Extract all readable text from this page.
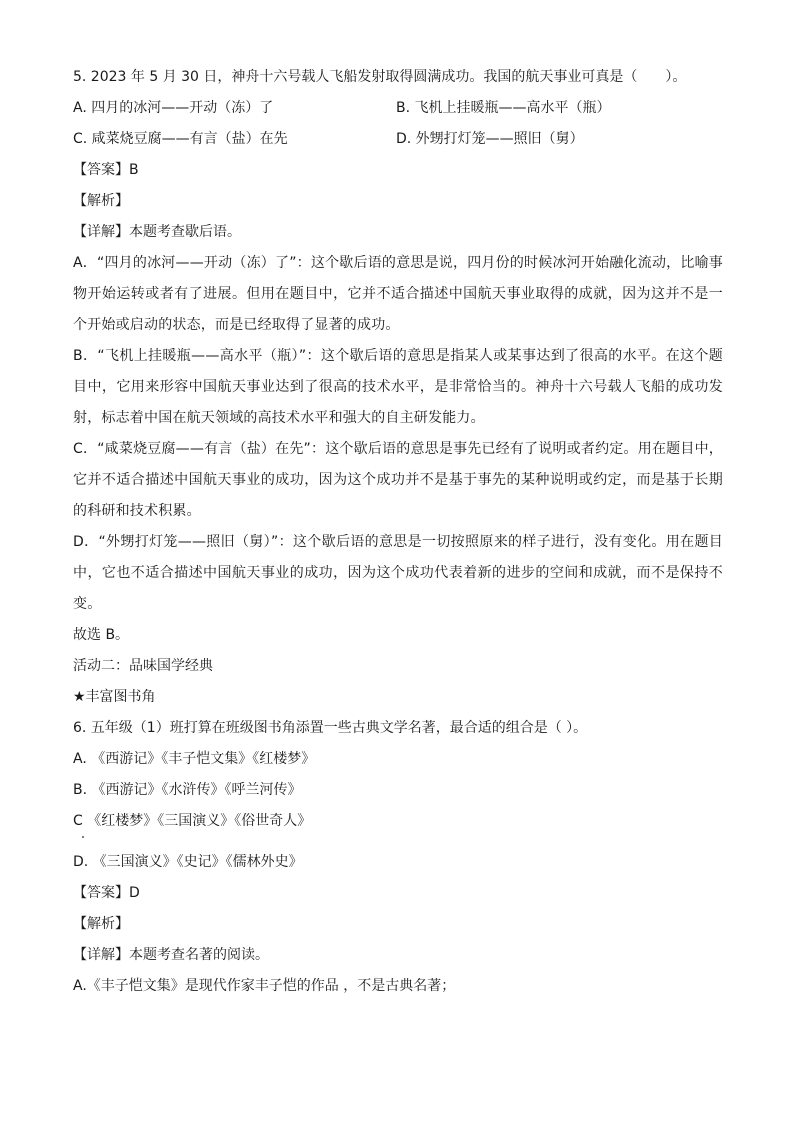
5. 2023 年 5 月 30 日，神舟十六号载人飞船发射取得圆满成功。我国的航天事业可真是（　　）。
A. 四月的冰河——开动（冻）了	B. 飞机上挂暖瓶——高水平（瓶）
C. 咸菜烧豆腐——有言（盐）在先	D. 外甥打灯笼——照旧（舅）
【答案】B
【解析】
【详解】本题考查歇后语。
A．“四月的冰河——开动（冻）了”：这个歇后语的意思是说，四月份的时候冰河开始融化流动，比喻事物开始运转或者有了进展。但用在题目中，它并不适合描述中国航天事业取得的成就，因为这并不是一个开始或启动的状态，而是已经取得了显著的成功。
B．“飞机上挂暖瓶——高水平（瓶）”：这个歇后语的意思是指某人或某事达到了很高的水平。在这个题目中，它用来形容中国航天事业达到了很高的技术水平，是非常恰当的。神舟十六号载人飞船的成功发射，标志着中国在航天领域的高技术水平和强大的自主研发能力。
C．“咸菜烧豆腐——有言（盐）在先”：这个歇后语的意思是事先已经有了说明或者约定。用在题目中，它并不适合描述中国航天事业的成功，因为这个成功并不是基于事先的某种说明或约定，而是基于长期的科研和技术积累。
D．“外甥打灯笼——照旧（舅）”：这个歇后语的意思是一切按照原来的样子进行，没有变化。用在题目中，它也不适合描述中国航天事业的成功，因为这个成功代表着新的进步的空间和成就，而不是保持不变。
故选 B。
活动二：品味国学经典
★丰富图书角
6. 五年级（1）班打算在班级图书角添置一些古典文学名著，最合适的组合是（ ）。
A. 《西游记》《丰子恺文集》《红楼梦》
B. 《西游记》《水浒传》《呼兰河传》
C 《红楼梦》《三国演义》《俗世奇人》
D. 《三国演义》《史记》《儒林外史》
【答案】D
【解析】
【详解】本题考查名著的阅读。
A.《丰子恺文集》是现代作家丰子恺的作品 ，不是古典名著；
